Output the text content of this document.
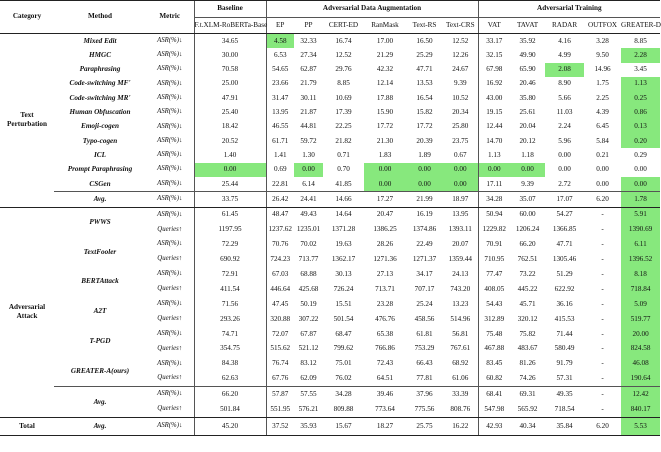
Category	Method	Metric	Baseline	Adversarial Data Augmentation						Adversarial Training				
			F.t.XLM-RoBERTa-Base	EP	PP	CERT-ED	RanMask	Text-RS	Text-CRS	VAT	TAVAT	RADAR	OUTFOX	GREATER-D
Text
Perturbation	Mixed Edit	ASR(%)↓	34.65	4.58	32.33	16.74	17.00	16.50	12.52	33.17	35.92	4.16	3.28	8.85
	HMGC	ASR(%)↓	30.00	6.53	27.34	12.52	21.29	25.29	12.26	32.15	49.90	4.99	9.50	2.28
	Paraphrasing	ASR(%)↓	70.58	54.65	62.87	29.76	42.32	47.71	24.67	67.98	65.90	2.08	14.96	3.45
	Code-switching MF'	ASR(%)↓	25.00	23.66	21.79	8.85	12.14	13.53	9.39	16.92	20.46	8.90	1.75	1.13
	Code-switching MR'	ASR(%)↓	47.91	31.47	30.11	10.69	17.88	16.54	10.52	43.00	35.80	5.66	2.25	0.25
	Human Obfuscation	ASR(%)↓	25.40	13.95	21.87	17.39	15.90	15.82	20.34	19.15	25.61	11.03	4.39	0.86
	Emoji-cogen	ASR(%)↓	18.42	46.55	44.81	22.25	17.72	17.72	25.80	12.44	20.04	2.24	6.45	0.13
	Typo-cogen	ASR(%)↓	20.52	61.71	59.72	21.82	21.30	20.39	23.75	14.70	20.12	5.96	5.84	0.20
	ICL	ASR(%)↓	1.40	1.41	1.30	0.71	1.83	1.89	0.67	1.13	1.18	0.00	0.21	0.29
	Prompt Paraphrasing	ASR(%)↓	0.00	0.69	0.00	0.70	0.00	0.00	0.00	0.00	0.00	0.00	0.00	0.00
	CSGen	ASR(%)↓	25.44	22.81	6.14	41.85	0.00	0.00	0.00	17.11	9.39	2.72	0.00	0.00
	Avg.	ASR(%)↓	33.75	26.42	24.41	14.66	17.27	21.99	18.97	34.28	35.07	17.07	6.20	1.78
Adversarial
Attack	PWWS	ASR(%)↓	61.45	48.47	49.43	14.64	20.47	16.19	13.95	50.94	60.00	54.27	-	5.91
		Queries↑	1197.95	1237.62	1235.01	1371.28	1386.25	1374.86	1393.11	1229.82	1206.24	1366.85	-	1390.69
	TextFooler	ASR(%)↓	72.29	70.76	70.02	19.63	28.26	22.49	20.07	70.91	66.20	47.71	-	6.11
		Queries↑	690.92	724.23	713.77	1362.17	1271.36	1271.37	1359.44	710.95	762.51	1305.46	-	1396.52
	BERTAttack	ASR(%)↓	72.91	67.03	68.88	30.13	27.13	34.17	24.13	77.47	73.22	51.29	-	8.18
		Queries↑	411.54	446.64	425.68	726.24	713.71	707.17	743.20	408.05	445.22	622.92	-	718.84
	A2T	ASR(%)↓	71.56	47.45	50.19	15.51	23.28	25.24	13.23	54.43	45.71	36.16	-	5.09
		Queries↑	293.26	320.88	307.22	501.54	476.76	458.56	514.96	312.89	320.12	415.53	-	519.77
	T-PGD	ASR(%)↓	74.71	72.07	67.87	68.47	65.38	61.81	56.81	75.48	75.82	71.44	-	20.00
		Queries↑	354.75	515.62	521.12	799.62	766.86	753.29	767.61	467.88	483.67	580.49	-	824.58
	GREATER-A(ours)	ASR(%)↓	84.38	76.74	83.12	75.01	72.43	66.43	68.92	83.45	81.26	91.79	-	46.08
		Queries↑	62.63	67.76	62.09	76.02	64.51	77.81	61.06	60.82	74.26	57.31	-	190.64
	Avg.	ASR(%)↓	66.20	57.87	57.55	34.28	39.46	37.96	33.39	68.41	69.31	49.35	-	12.42
		Queries↑	501.84	551.95	576.21	809.88	773.64	775.56	808.76	547.98	565.92	718.54	-	840.17
Total	Avg.	ASR(%)↓	45.20	37.52	35.93	15.67	18.27	25.75	16.22	42.93	40.34	35.84	6.20	5.53
